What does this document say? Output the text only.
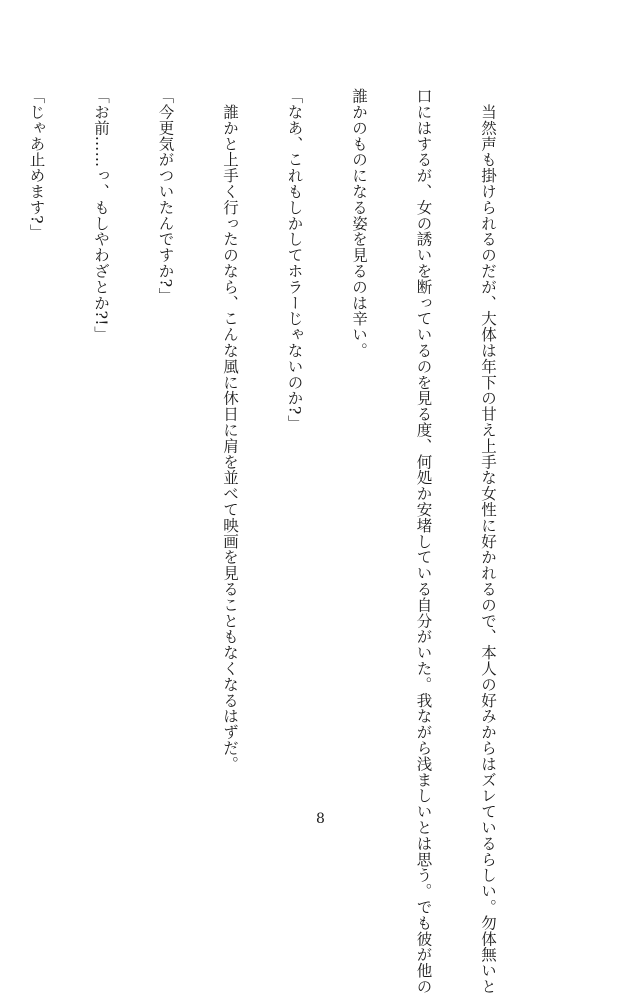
　当然声も掛けられるのだが、大体は年下の甘え上手な女性に好かれるので、本人の好みからはズレているらしい。勿体無いと

口にはするが、女の誘いを断っているのを見る度、何処か安堵している自分がいた。我ながら浅ましいとは思う。でも彼が他の

誰かのものになる姿を見るのは辛い。

「なあ、これもしかしてホラーじゃないのか?」

　誰かと上手く行ったのなら、こんな風に休日に肩を並べて映画を見ることもなくなるはずだ。

「今更気がついたんですか?」

「お前……っ、もしやわざとか?!」

「じゃあ止めます?」

8
